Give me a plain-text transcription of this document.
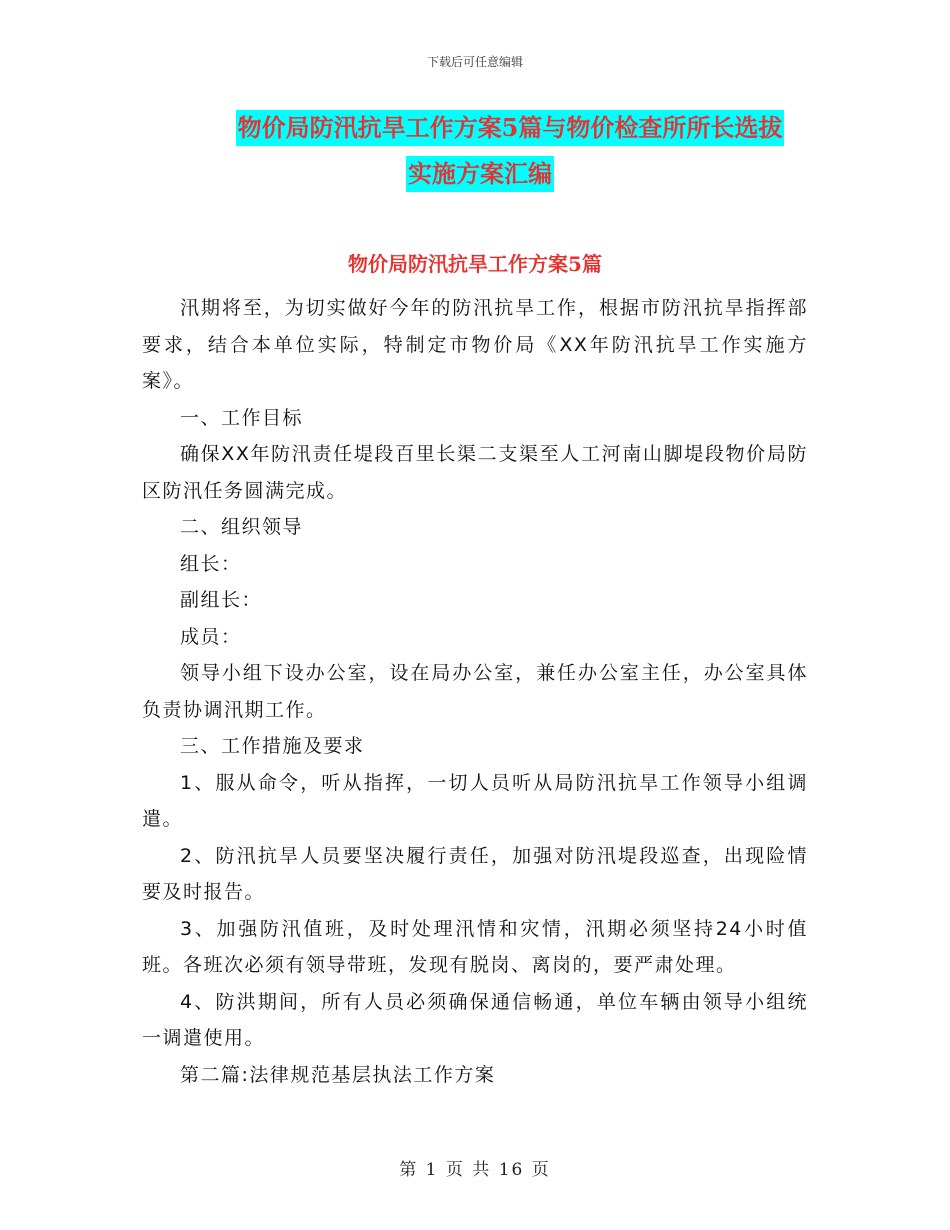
下载后可任意编辑
物价局防汛抗旱工作方案5篇与物价检查所所长选拔
实施方案汇编
物价局防汛抗旱工作方案5篇

汛期将至，为切实做好今年的防汛抗旱工作，根据市防汛抗旱指挥部要求，结合本单位实际，特制定市物价局《XX年防汛抗旱工作实施方案》。

一、工作目标

确保XX年防汛责任堤段百里长渠二支渠至人工河南山脚堤段物价局防区防汛任务圆满完成。

二、组织领导

组长：

副组长：

成员：

领导小组下设办公室，设在局办公室，兼任办公室主任，办公室具体负责协调汛期工作。

三、工作措施及要求

1、服从命令，听从指挥，一切人员听从局防汛抗旱工作领导小组调遣。

2、防汛抗旱人员要坚决履行责任，加强对防汛堤段巡查，出现险情要及时报告。

3、加强防汛值班，及时处理汛情和灾情，汛期必须坚持24小时值班。各班次必须有领导带班，发现有脱岗、离岗的，要严肃处理。

4、防洪期间，所有人员必须确保通信畅通，单位车辆由领导小组统一调遣使用。

第二篇:法律规范基层执法工作方案

第 1 页 共 16 页
